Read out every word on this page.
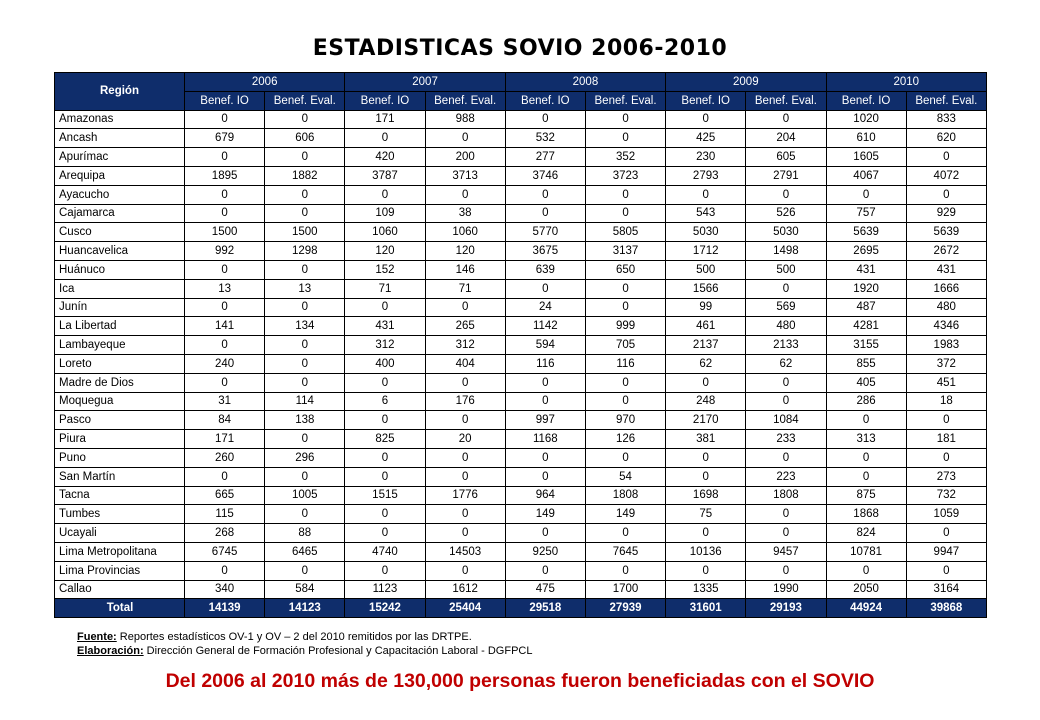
ESTADISTICAS SOVIO 2006-2010
Región	2006		2007		2008		2009		2010	
	Benef. IO	Benef. Eval.	Benef. IO	Benef. Eval.	Benef. IO	Benef. Eval.	Benef. IO	Benef. Eval.	Benef. IO	Benef. Eval.
Amazonas	0	0	171	988	0	0	0	0	1020	833
Ancash	679	606	0	0	532	0	425	204	610	620
Apurímac	0	0	420	200	277	352	230	605	1605	0
Arequipa	1895	1882	3787	3713	3746	3723	2793	2791	4067	4072
Ayacucho	0	0	0	0	0	0	0	0	0	0
Cajamarca	0	0	109	38	0	0	543	526	757	929
Cusco	1500	1500	1060	1060	5770	5805	5030	5030	5639	5639
Huancavelica	992	1298	120	120	3675	3137	1712	1498	2695	2672
Huánuco	0	0	152	146	639	650	500	500	431	431
Ica	13	13	71	71	0	0	1566	0	1920	1666
Junín	0	0	0	0	24	0	99	569	487	480
La Libertad	141	134	431	265	1142	999	461	480	4281	4346
Lambayeque	0	0	312	312	594	705	2137	2133	3155	1983
Loreto	240	0	400	404	116	116	62	62	855	372
Madre de Dios	0	0	0	0	0	0	0	0	405	451
Moquegua	31	114	6	176	0	0	248	0	286	18
Pasco	84	138	0	0	997	970	2170	1084	0	0
Piura	171	0	825	20	1168	126	381	233	313	181
Puno	260	296	0	0	0	0	0	0	0	0
San Martín	0	0	0	0	0	54	0	223	0	273
Tacna	665	1005	1515	1776	964	1808	1698	1808	875	732
Tumbes	115	0	0	0	149	149	75	0	1868	1059
Ucayali	268	88	0	0	0	0	0	0	824	0
Lima Metropolitana	6745	6465	4740	14503	9250	7645	10136	9457	10781	9947
Lima Provincias	0	0	0	0	0	0	0	0	0	0
Callao	340	584	1123	1612	475	1700	1335	1990	2050	3164
Total	14139	14123	15242	25404	29518	27939	31601	29193	44924	39868
Fuente: Reportes estadísticos OV-1 y OV – 2 del 2010 remitidos por las DRTPE.
Elaboración: Dirección General de Formación Profesional y Capacitación Laboral - DGFPCL
Del 2006 al 2010 más de 130,000 personas fueron beneficiadas con el SOVIO
